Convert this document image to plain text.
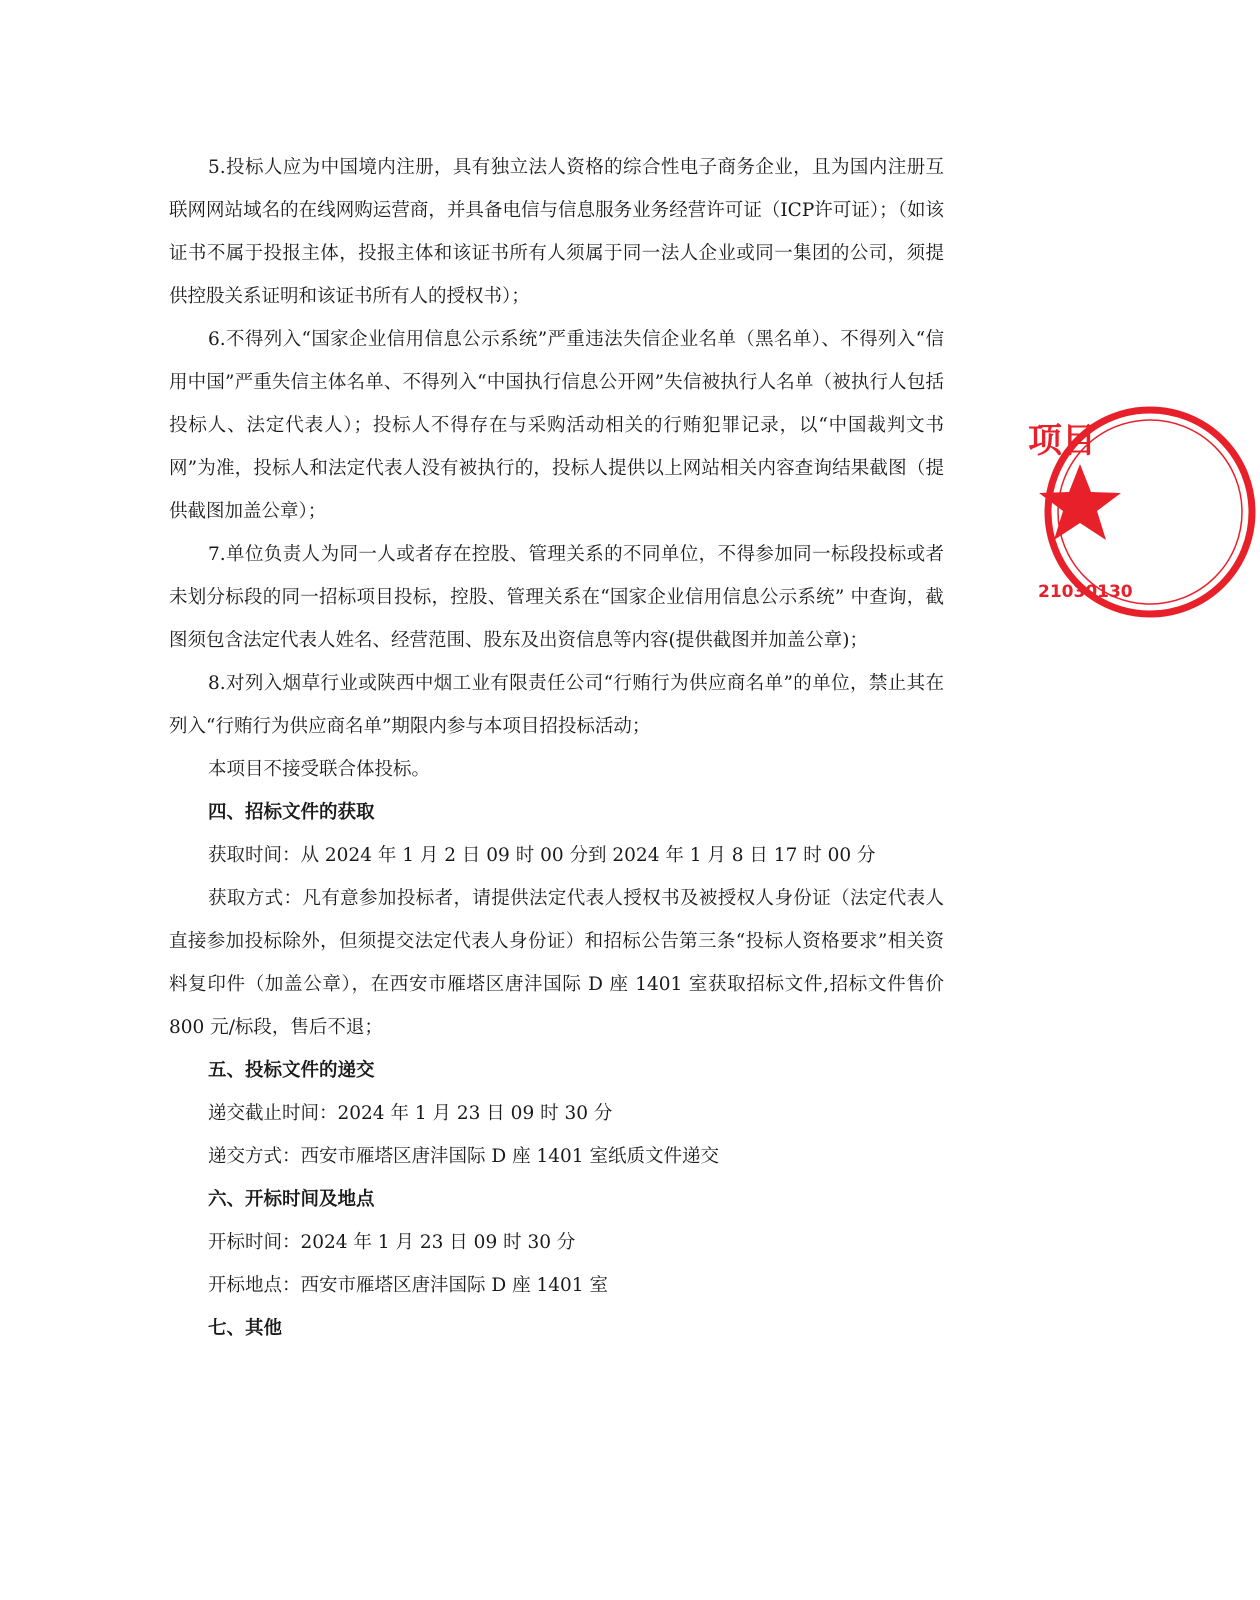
5.投标人应为中国境内注册，具有独立法人资格的综合性电子商务企业，且为国内注册互联网网站域名的在线网购运营商，并具备电信与信息服务业务经营许可证（ICP许可证）；（如该证书不属于投报主体，投报主体和该证书所有人须属于同一法人企业或同一集团的公司，须提供控股关系证明和该证书所有人的授权书）；

6.不得列入“国家企业信用信息公示系统”严重违法失信企业名单（黑名单）、不得列入“信用中国”严重失信主体名单、不得列入“中国执行信息公开网”失信被执行人名单（被执行人包括投标人、法定代表人）；投标人不得存在与采购活动相关的行贿犯罪记录，以“中国裁判文书网”为准，投标人和法定代表人没有被执行的，投标人提供以上网站相关内容查询结果截图（提供截图加盖公章）；

7.单位负责人为同一人或者存在控股、管理关系的不同单位，不得参加同一标段投标或者未划分标段的同一招标项目投标，控股、管理关系在“国家企业信用信息公示系统” 中查询，截图须包含法定代表人姓名、经营范围、股东及出资信息等内容(提供截图并加盖公章)；

8.对列入烟草行业或陕西中烟工业有限责任公司“行贿行为供应商名单”的单位，禁止其在列入“行贿行为供应商名单”期限内参与本项目招投标活动；

本项目不接受联合体投标。

四、招标文件的获取

获取时间：从 2024 年 1 月 2 日 09 时 00 分到 2024 年 1 月 8 日 17 时 00 分

获取方式：凡有意参加投标者，请提供法定代表人授权书及被授权人身份证（法定代表人直接参加投标除外，但须提交法定代表人身份证）和招标公告第三条“投标人资格要求”相关资料复印件（加盖公章），在西安市雁塔区唐沣国际 D 座 1401 室获取招标文件,招标文件售价 800 元/标段，售后不退；

五、投标文件的递交

递交截止时间：2024 年 1 月 23 日 09 时 30 分

递交方式：西安市雁塔区唐沣国际 D 座 1401 室纸质文件递交

六、开标时间及地点

开标时间：2024 年 1 月 23 日 09 时 30 分

开标地点：西安市雁塔区唐沣国际 D 座 1401 室

七、其他

项目
21030130
